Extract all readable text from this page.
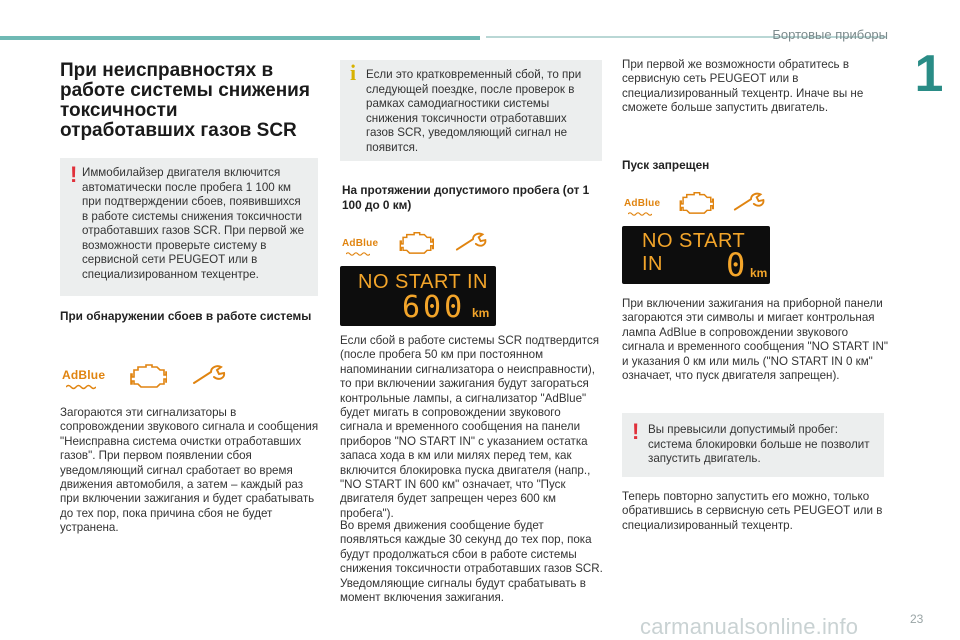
Бортовые приборы
1
При неисправностях в работе системы снижения токсичности отработавших газов SCR
! Иммобилайзер двигателя включится автоматически после пробега 1 100 км при подтверждении сбоев, появившихся в работе системы снижения токсичности отработавших газов SCR. При первой же возможности проверьте систему в сервисной сети PEUGEOT или в специализированном техцентре.
При обнаружении сбоев в работе системы
AdBlue
Загораются эти сигнализаторы в сопровождении звукового сигнала и сообщения "Неисправна система очистки отработавших газов". При первом появлении сбоя уведомляющий сигнал сработает во время движения автомобиля, а затем – каждый раз при включении зажигания и будет срабатывать до тех пор, пока причина сбоя не будет устранена.
i Если это кратковременный сбой, то при следующей поездке, после проверок в рамках самодиагностики системы снижения токсичности отработавших газов SCR, уведомляющий сигнал не появится.
На протяжении допустимого пробега (от 1 100 до 0 км)
AdBlue
NO START IN
600 km
Если сбой в работе системы SCR подтвердится (после пробега 50 км при постоянном напоминании сигнализатора о неисправности), то при включении зажигания будут загораться контрольные лампы, а сигнализатор "AdBlue" будет мигать в сопровождении звукового сигнала и временного сообщения на панели приборов "NO START IN" с указанием остатка запаса хода в км или милях перед тем, как включится блокировка пуска двигателя (напр., "NO START IN 600 км" означает, что "Пуск двигателя будет запрещен через 600 км пробега").
Во время движения сообщение будет появляться каждые 30 секунд до тех пор, пока будут продолжаться сбои в работе системы снижения токсичности отработавших газов SCR. Уведомляющие сигналы будут срабатывать в момент включения зажигания.
При первой же возможности обратитесь в сервисную сеть PEUGEOT или в специализированный техцентр. Иначе вы не сможете больше запустить двигатель.
Пуск запрещен
AdBlue
NO START IN	0 km
При включении зажигания на приборной панели загораются эти символы и мигает контрольная лампа AdBlue в сопровождении звукового сигнала и временного сообщения "NO START IN" и указания 0 км или миль ("NO START IN 0 км" означает, что пуск двигателя запрещен).
! Вы превысили допустимый пробег: система блокировки больше не позволит запустить двигатель.
Теперь повторно запустить его можно, только обратившись в сервисную сеть PEUGEOT или в специализированный техцентр.
carmanualsonline.info	23
